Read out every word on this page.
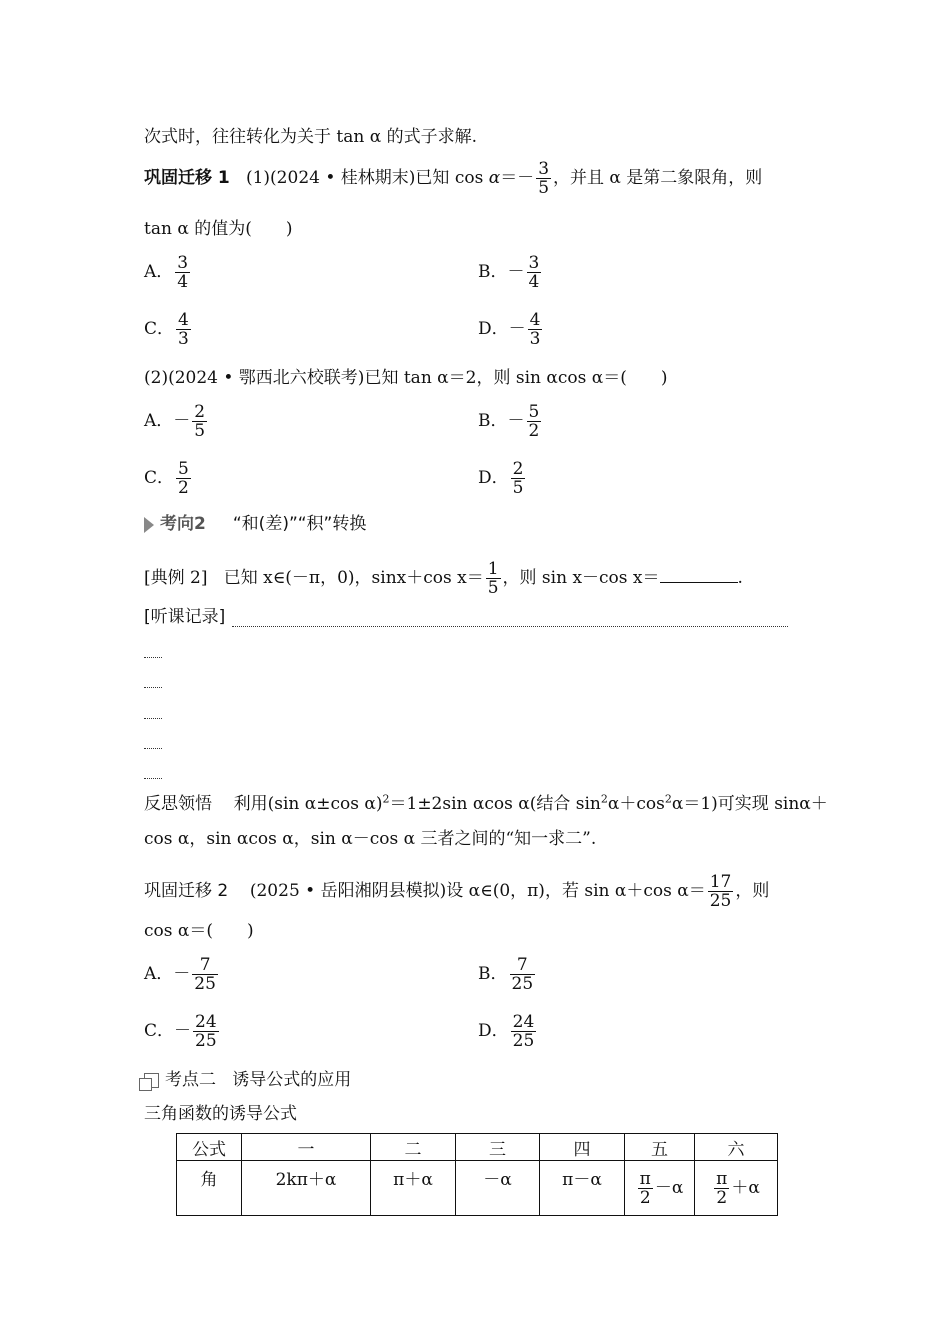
次式时，往往转化为关于 tan α 的式子求解.
巩固迁移 1 (1)(2024 • 桂林期末)已知 $\cos \alpha=- \frac{3}{5}$ ，并且 α 是第二象限角，则
tan α 的值为(　　)
A． $\frac{3}{4}$	B．－ $\frac{3}{4}$
C． $\frac{4}{3}$	D．－ $\frac{4}{3}$
(2)(2024 • 鄂西北六校联考)已知 tan α＝2，则 sin αcos α＝(　　)
A．－ $\frac{2}{5}$	B．－ $\frac{5}{2}$
C． $\frac{5}{2}$	D． $\frac{2}{5}$
考向2 “和(差)”“积”转换
[典例 2] 已知 x∈(－π，0)，sinx＋cos $x= \frac{1}{5}$ ，则 sin x－cos x＝	.
[听课记录]
反思领悟 利用(sin α±cos α)$^2$＝1±2sin αcos α(结合 $\sin^2\alpha+\cos^2\alpha=1$)可实现 sinα＋
cos α，sin αcos α，sin α－cos α 三者之间的“知一求二”.
巩固迁移 2 (2025 • 岳阳湘阴县模拟)设 α∈(0，π)，若 sin α＋cos $\alpha= \frac{17}{25}$ ，则
cos α＝(　　)
A．－ $\frac{7}{25}$	B． $\frac{7}{25}$
C．－ $\frac{24}{25}$	D． $\frac{24}{25}$
考点二 诱导公式的应用
三角函数的诱导公式
公式	一	二	三	四	五	六
角	2kπ＋α	π＋α	－α	π－α	$\frac{\pi}{2} -\alpha$	$\frac{\pi}{2} +\alpha$
